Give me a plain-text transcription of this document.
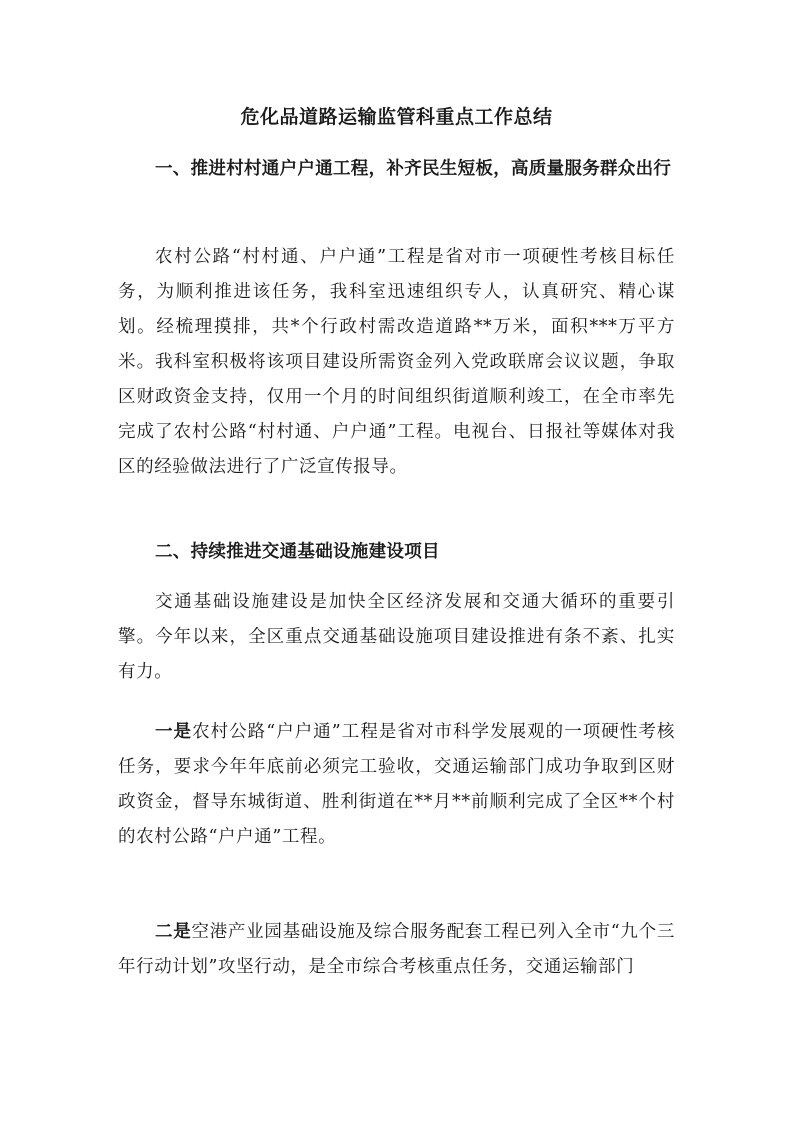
危化品道路运输监管科重点工作总结
一、推进村村通户户通工程，补齐民生短板，高质量服务群众出行
农村公路“村村通、户户通”工程是省对市一项硬性考核目标任务，为顺利推进该任务，我科室迅速组织专人，认真研究、精心谋划。经梳理摸排，共*个行政村需改造道路**万米，面积***万平方米。我科室积极将该项目建设所需资金列入党政联席会议议题，争取区财政资金支持，仅用一个月的时间组织街道顺利竣工，在全市率先完成了农村公路“村村通、户户通”工程。电视台、日报社等媒体对我区的经验做法进行了广泛宣传报导。
二、持续推进交通基础设施建设项目
交通基础设施建设是加快全区经济发展和交通大循环的重要引擎。今年以来，全区重点交通基础设施项目建设推进有条不紊、扎实有力。
一是农村公路“户户通”工程是省对市科学发展观的一项硬性考核任务，要求今年年底前必须完工验收，交通运输部门成功争取到区财政资金，督导东城街道、胜利街道在**月**前顺利完成了全区**个村的农村公路“户户通”工程。
二是空港产业园基础设施及综合服务配套工程已列入全市“九个三年行动计划”攻坚行动，是全市综合考核重点任务，交通运输部门
